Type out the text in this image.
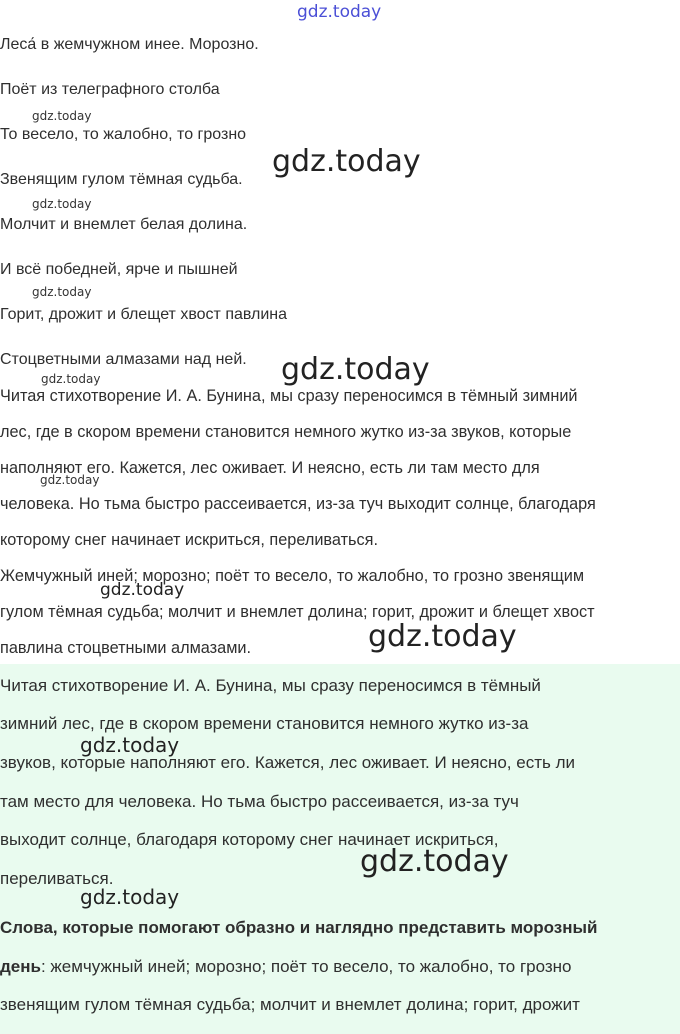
Леса́ в жемчужном инее. Морозно.
Поёт из телеграфного столба
То весело, то жалобно, то грозно
Звенящим гулом тёмная судьба.
Молчит и внемлет белая долина.
И всё победней, ярче и пышней
Горит, дрожит и блещет хвост павлина
Стоцветными алмазами над ней.
Читая стихотворение И. А. Бунина, мы сразу переносимся в тёмный зимний
лес, где в скором времени становится немного жутко из-за звуков, которые
наполняют его. Кажется, лес оживает. И неясно, есть ли там место для
человека. Но тьма быстро рассеивается, из-за туч выходит солнце, благодаря
которому снег начинает искриться, переливаться.
Жемчужный иней; морозно; поёт то весело, то жалобно, то грозно звенящим
гулом тёмная судьба; молчит и внемлет долина; горит, дрожит и блещет хвост
павлина стоцветными алмазами.
Читая стихотворение И. А. Бунина, мы сразу переносимся в тёмный
зимний лес, где в скором времени становится немного жутко из-за
звуков, которые наполняют его. Кажется, лес оживает. И неясно, есть ли
там место для человека. Но тьма быстро рассеивается, из-за туч
выходит солнце, благодаря которому снег начинает искриться,
переливаться.
Слова, которые помогают образно и наглядно представить морозный
день: жемчужный иней; морозно; поёт то весело, то жалобно, то грозно
звенящим гулом тёмная судьба; молчит и внемлет долина; горит, дрожит
gdz.today
gdz.today
gdz.today
gdz.today
gdz.today
gdz.today
gdz.today
gdz.today
gdz.today
gdz.today
gdz.today
gdz.today
gdz.today
